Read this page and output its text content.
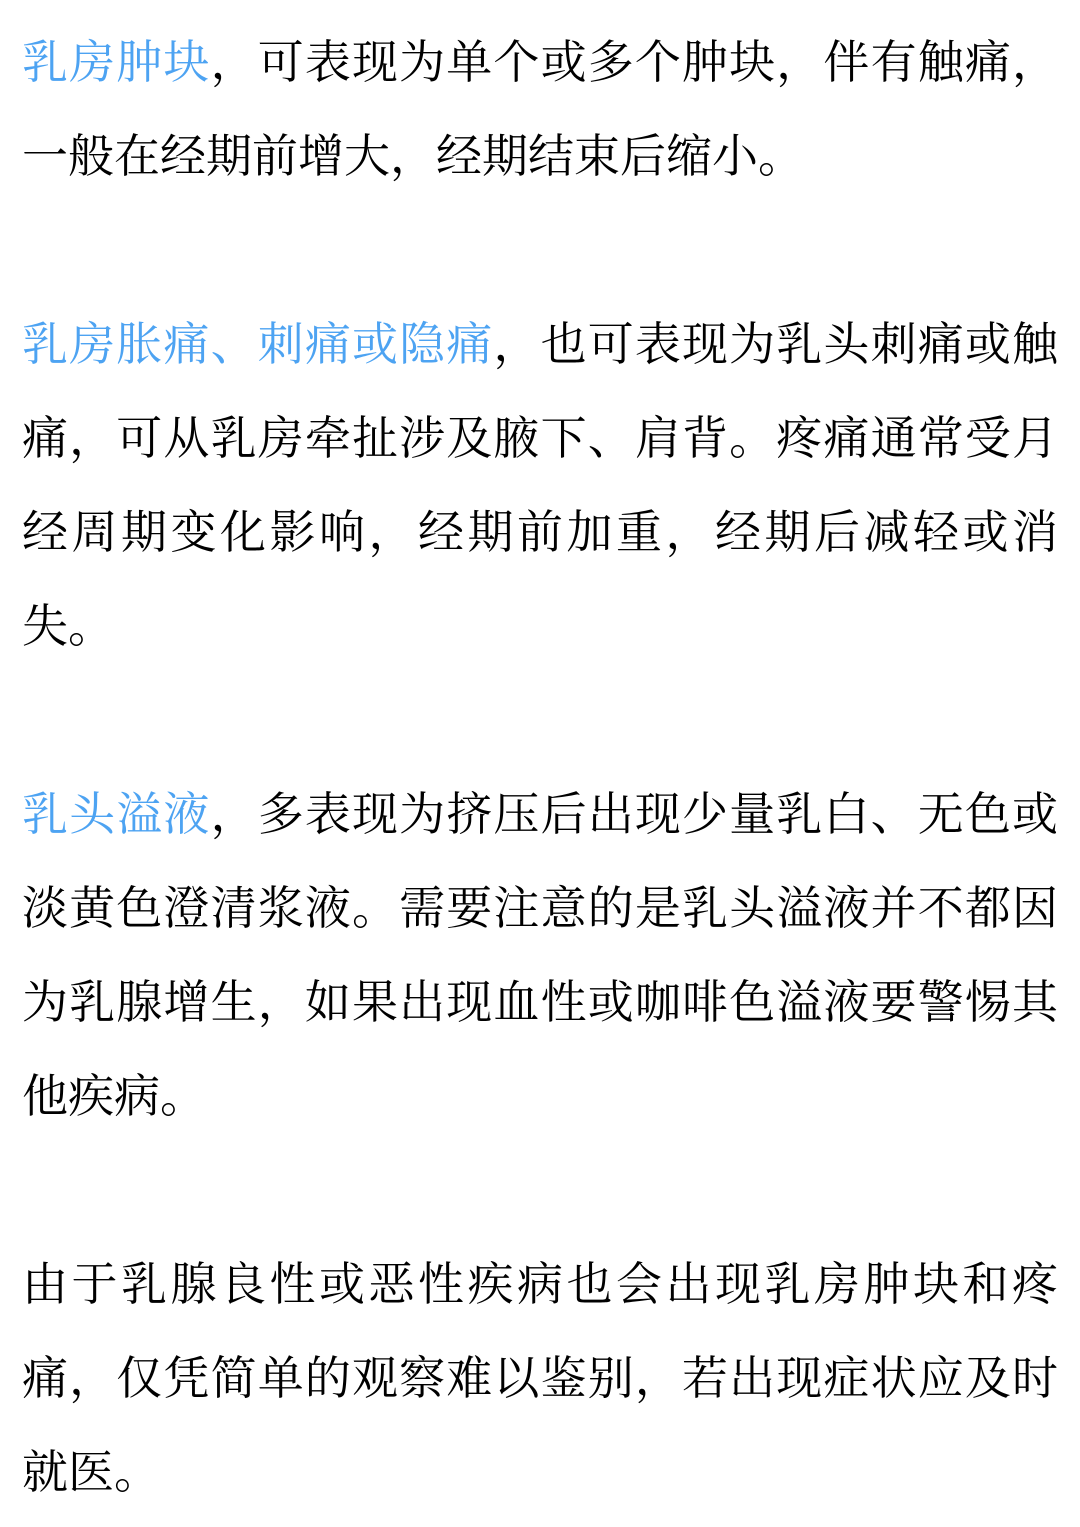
乳房肿块，可表现为单个或多个肿块，伴有触痛，一般在经期前增大，经期结束后缩小。

乳房胀痛、刺痛或隐痛，也可表现为乳头刺痛或触痛，可从乳房牵扯涉及腋下、肩背。疼痛通常受月经周期变化影响，经期前加重，经期后减轻或消失。

乳头溢液，多表现为挤压后出现少量乳白、无色或淡黄色澄清浆液。需要注意的是乳头溢液并不都因为乳腺增生，如果出现血性或咖啡色溢液要警惕其他疾病。

由于乳腺良性或恶性疾病也会出现乳房肿块和疼痛，仅凭简单的观察难以鉴别，若出现症状应及时就医。
